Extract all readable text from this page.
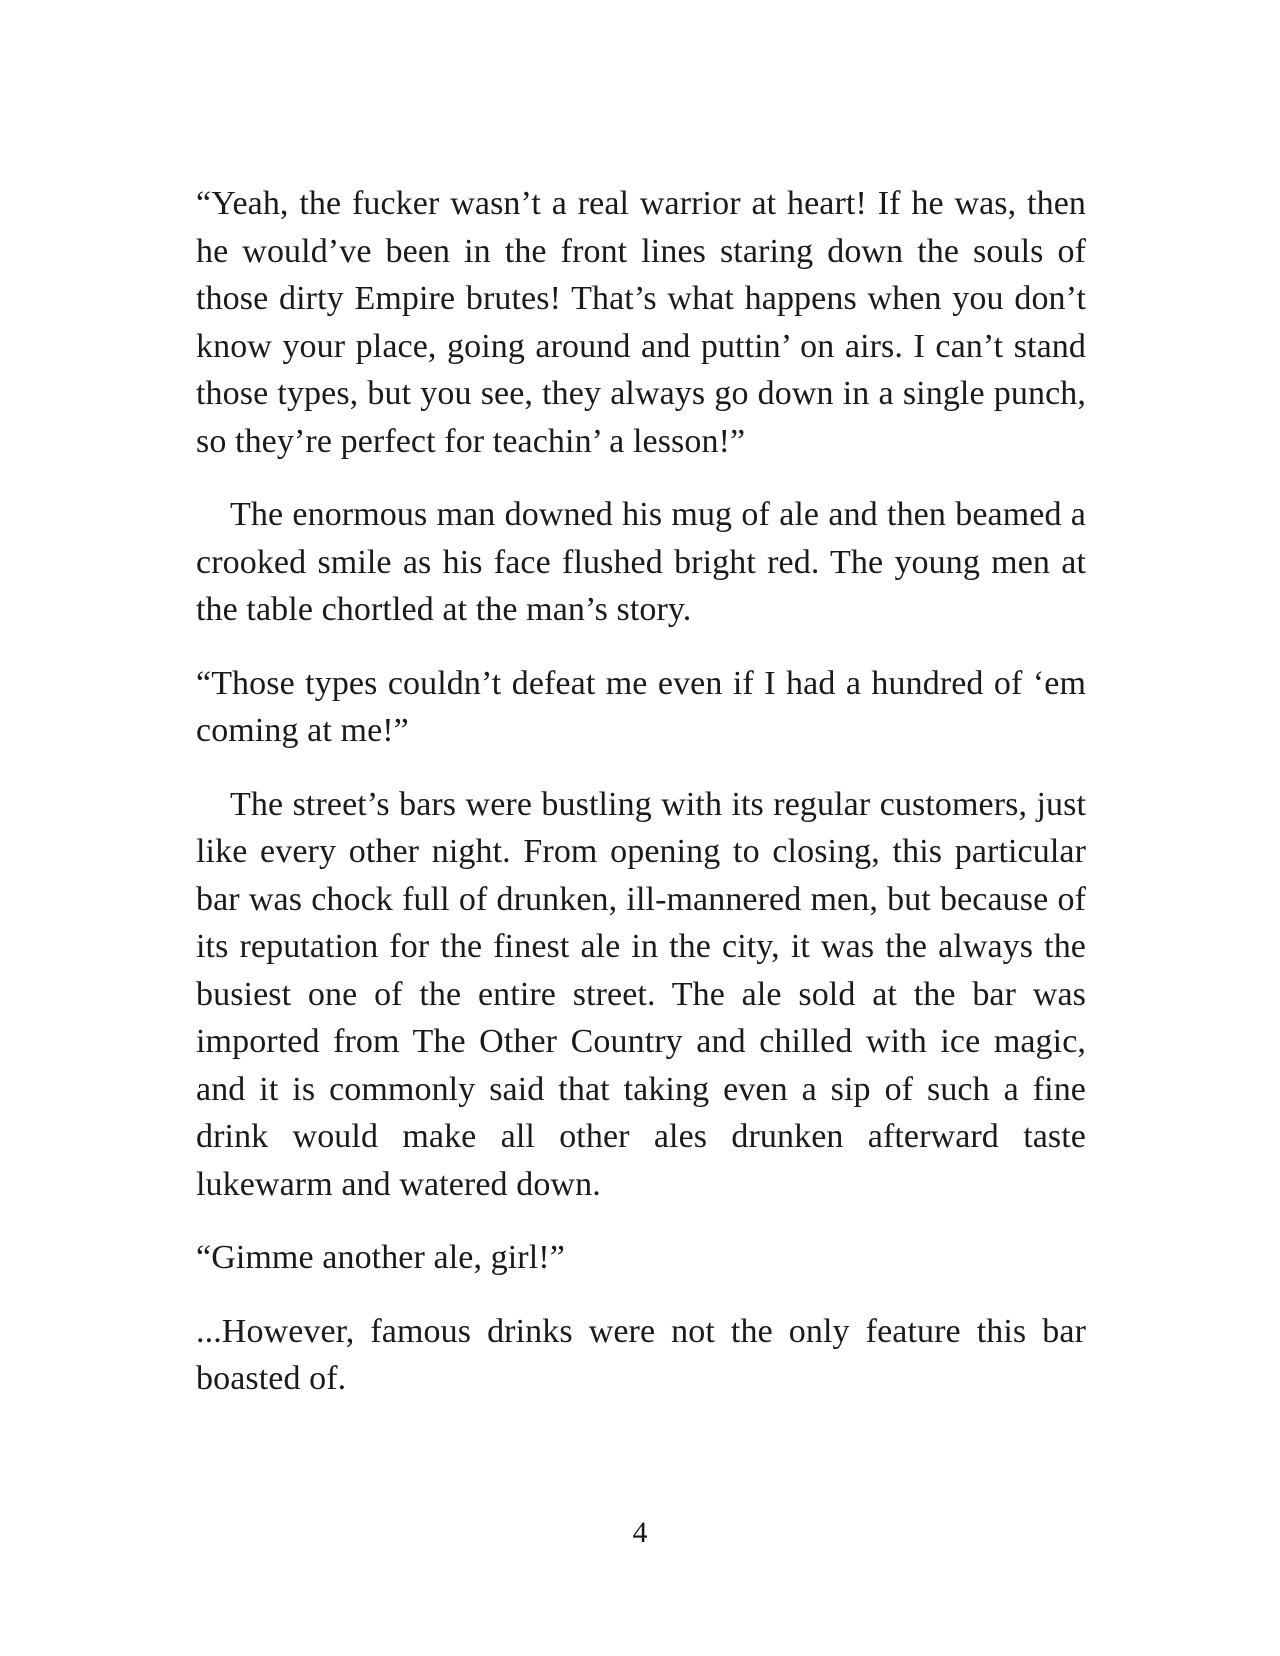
“Yeah, the fucker wasn’t a real warrior at heart! If he was, then he would’ve been in the front lines staring down the souls of those dirty Empire brutes! That’s what happens when you don’t know your place, going around and puttin’ on airs. I can’t stand those types, but you see, they always go down in a single punch, so they’re perfect for teachin’ a lesson!”

The enormous man downed his mug of ale and then beamed a crooked smile as his face flushed bright red. The young men at the table chortled at the man’s story.

“Those types couldn’t defeat me even if I had a hundred of ‘em coming at me!”

The street’s bars were bustling with its regular customers, just like every other night. From opening to closing, this particular bar was chock full of drunken, ill-mannered men, but because of its reputation for the finest ale in the city, it was the always the busiest one of the entire street. The ale sold at the bar was imported from The Other Country and chilled with ice magic, and it is commonly said that taking even a sip of such a fine drink would make all other ales drunken afterward taste lukewarm and watered down.

“Gimme another ale, girl!”

...However, famous drinks were not the only feature this bar boasted of.

4
